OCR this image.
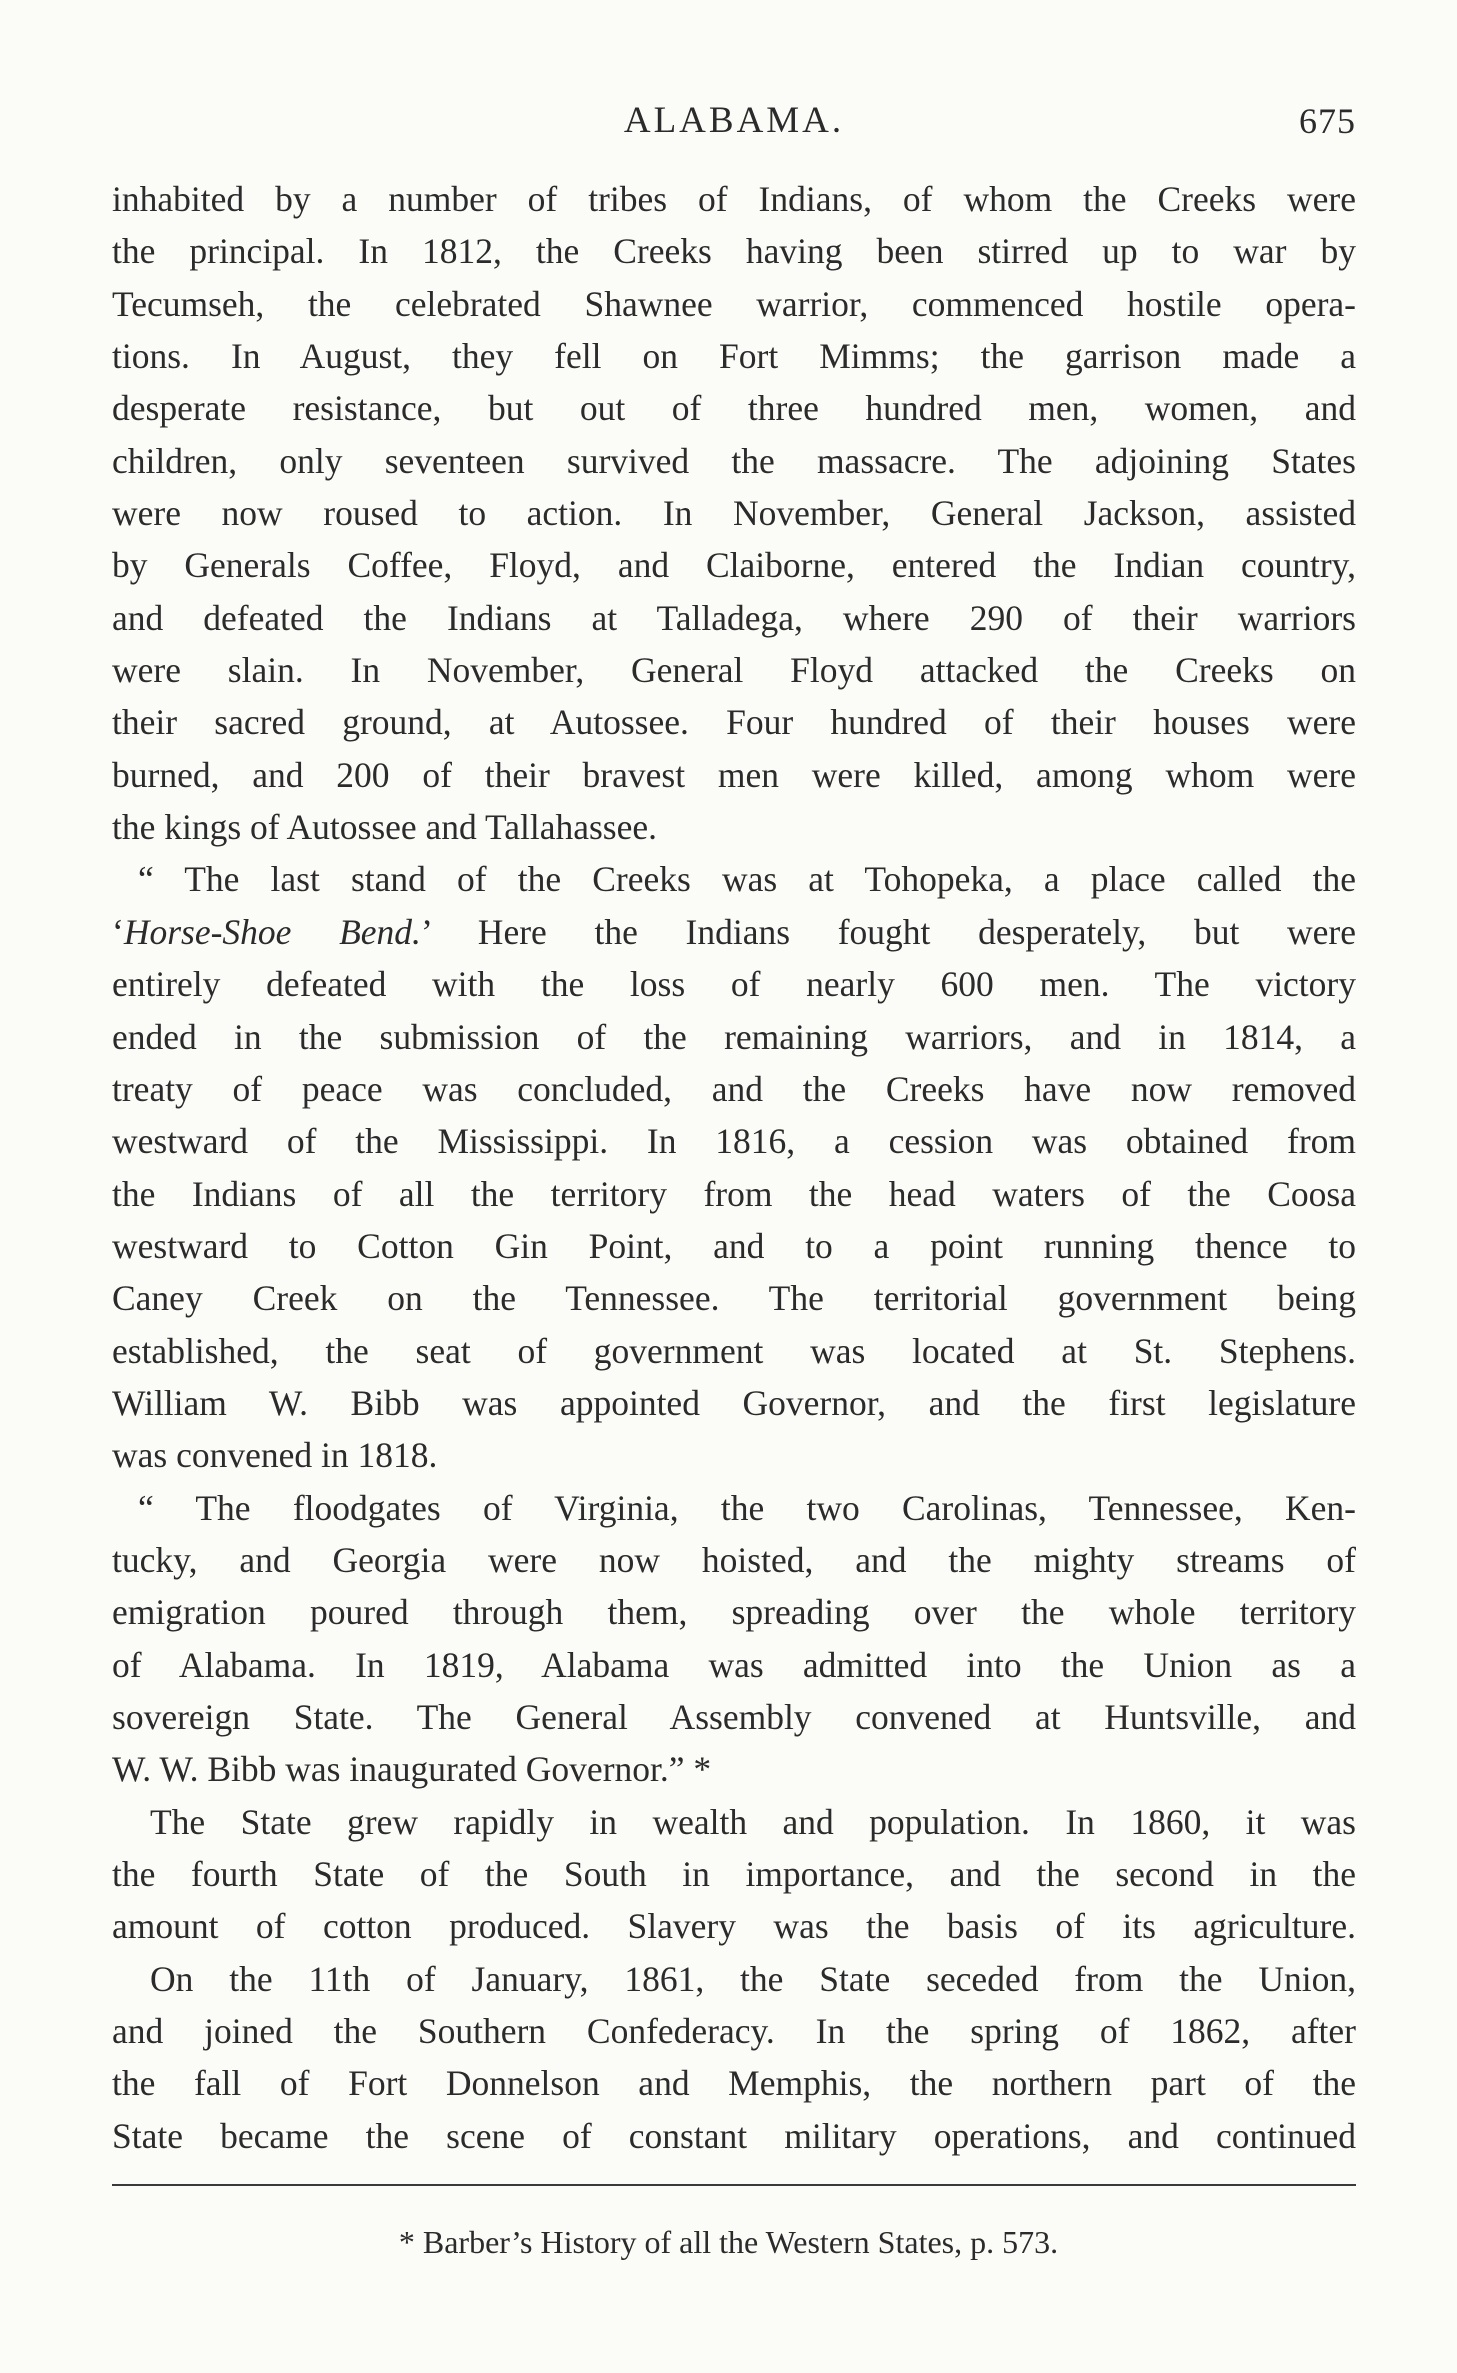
ALABAMA.	675
inhabited by a number of tribes of Indians, of whom the Creeks were
the principal. In 1812, the Creeks having been stirred up to war by
Tecumseh, the celebrated Shawnee warrior, commenced hostile opera-
tions. In August, they fell on Fort Mimms; the garrison made a
desperate resistance, but out of three hundred men, women, and
children, only seventeen survived the massacre. The adjoining States
were now roused to action. In November, General Jackson, assisted
by Generals Coffee, Floyd, and Claiborne, entered the Indian country,
and defeated the Indians at Talladega, where 290 of their warriors
were slain. In November, General Floyd attacked the Creeks on
their sacred ground, at Autossee. Four hundred of their houses were
burned, and 200 of their bravest men were killed, among whom were
the kings of Autossee and Tallahassee.
“ The last stand of the Creeks was at Tohopeka, a place called the
‘Horse-Shoe Bend.’ Here the Indians fought desperately, but were
entirely defeated with the loss of nearly 600 men. The victory
ended in the submission of the remaining warriors, and in 1814, a
treaty of peace was concluded, and the Creeks have now removed
westward of the Mississippi. In 1816, a cession was obtained from
the Indians of all the territory from the head waters of the Coosa
westward to Cotton Gin Point, and to a point running thence to
Caney Creek on the Tennessee. The territorial government being
established, the seat of government was located at St. Stephens.
William W. Bibb was appointed Governor, and the first legislature
was convened in 1818.
“ The floodgates of Virginia, the two Carolinas, Tennessee, Ken-
tucky, and Georgia were now hoisted, and the mighty streams of
emigration poured through them, spreading over the whole territory
of Alabama. In 1819, Alabama was admitted into the Union as a
sovereign State. The General Assembly convened at Huntsville, and
W. W. Bibb was inaugurated Governor.” *
The State grew rapidly in wealth and population. In 1860, it was
the fourth State of the South in importance, and the second in the
amount of cotton produced. Slavery was the basis of its agriculture.
On the 11th of January, 1861, the State seceded from the Union,
and joined the Southern Confederacy. In the spring of 1862, after
the fall of Fort Donnelson and Memphis, the northern part of the
State became the scene of constant military operations, and continued
* Barber’s History of all the Western States, p. 573.
